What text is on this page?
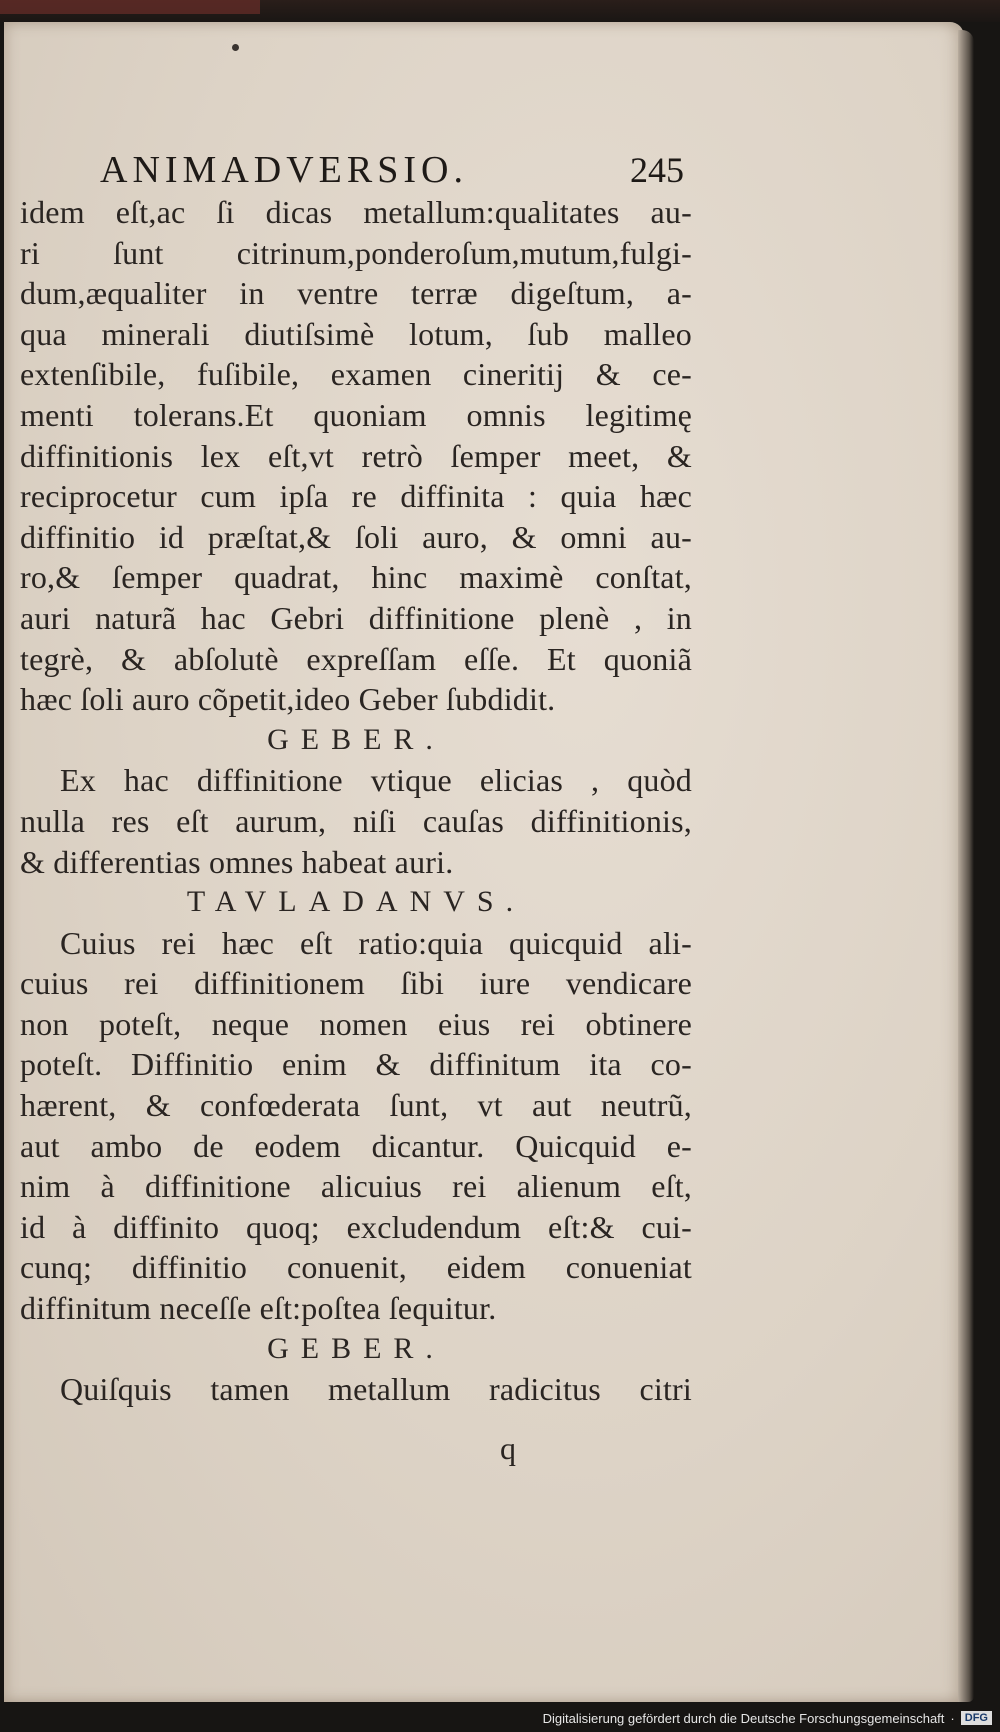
ANIMADVERSIO.	245
idem eſt,ac ſi dicas metallum:qualitates au-
ri ſunt citrinum,ponderoſum,mutum,fulgi-
dum,æqualiter in ventre terræ digeſtum, a-
qua minerali diutiſsimè lotum, ſub malleo
extenſibile, fuſibile, examen cineritij & ce-
menti tolerans.Et quoniam omnis legitimę
diffinitionis lex eſt,vt retrò ſemper meet, &
reciprocetur cum ipſa re diffinita : quia hæc
diffinitio id præſtat,& ſoli auro, & omni au-
ro,& ſemper quadrat, hinc maximè conſtat,
auri naturã hac Gebri diffinitione plenè , in
tegrè, & abſolutè expreſſam eſſe. Et quoniã
hæc ſoli auro cõpetit,ideo Geber ſubdidit.
GEBER.
Ex hac diffinitione vtique elicias , quòd
nulla res eſt aurum, niſi cauſas diffinitionis,
& differentias omnes habeat auri.
TAVLADANVS.
Cuius rei hæc eſt ratio:quia quicquid ali-
cuius rei diffinitionem ſibi iure vendicare
non poteſt, neque nomen eius rei obtinere
poteſt. Diffinitio enim & diffinitum ita co-
hærent, & confœderata ſunt, vt aut neutrũ,
aut ambo de eodem dicantur. Quicquid e-
nim à diffinitione alicuius rei alienum eſt,
id à diffinito quoq; excludendum eſt:& cui-
cunq; diffinitio conuenit, eidem conueniat
diffinitum neceſſe eſt:poſtea ſequitur.
GEBER.
Quiſquis tamen metallum radicitus citri
q
Digitalisierung gefördert durch die Deutsche Forschungsgemeinschaft · DFG
